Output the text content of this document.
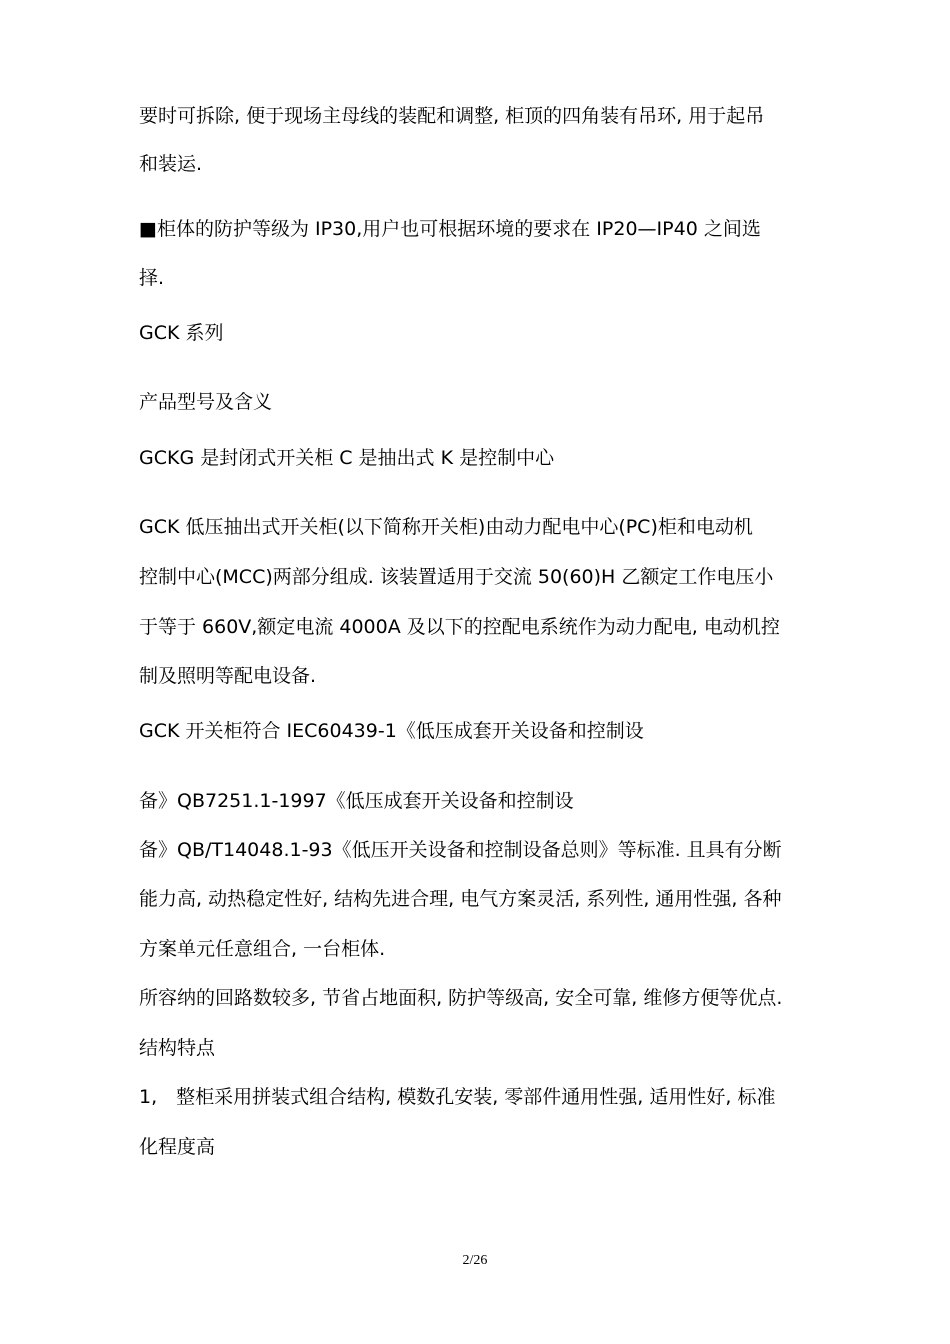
要时可拆除, 便于现场主母线的装配和调整, 柜顶的四角装有吊环, 用于起吊
和装运.
■柜体的防护等级为 IP30,用户也可根据环境的要求在 IP20—IP40 之间选
择.
GCK 系列
产品型号及含义
GCKG 是封闭式开关柜 C 是抽出式 K 是控制中心
GCK 低压抽出式开关柜(以下简称开关柜)由动力配电中心(PC)柜和电动机
控制中心(MCC)两部分组成. 该装置适用于交流 50(60)H 乙额定工作电压小
于等于 660V,额定电流 4000A 及以下的控配电系统作为动力配电, 电动机控
制及照明等配电设备.
GCK 开关柜符合 IEC60439-1《低压成套开关设备和控制设
备》QB7251.1-1997《低压成套开关设备和控制设
备》QB/T14048.1-93《低压开关设备和控制设备总则》等标准. 且具有分断
能力高, 动热稳定性好, 结构先进合理, 电气方案灵活, 系列性, 通用性强, 各种
方案单元任意组合, 一台柜体.
所容纳的回路数较多, 节省占地面积, 防护等级高, 安全可靠, 维修方便等优点.
结构特点
1,　整柜采用拼装式组合结构, 模数孔安装, 零部件通用性强, 适用性好, 标准
化程度高
2/26
